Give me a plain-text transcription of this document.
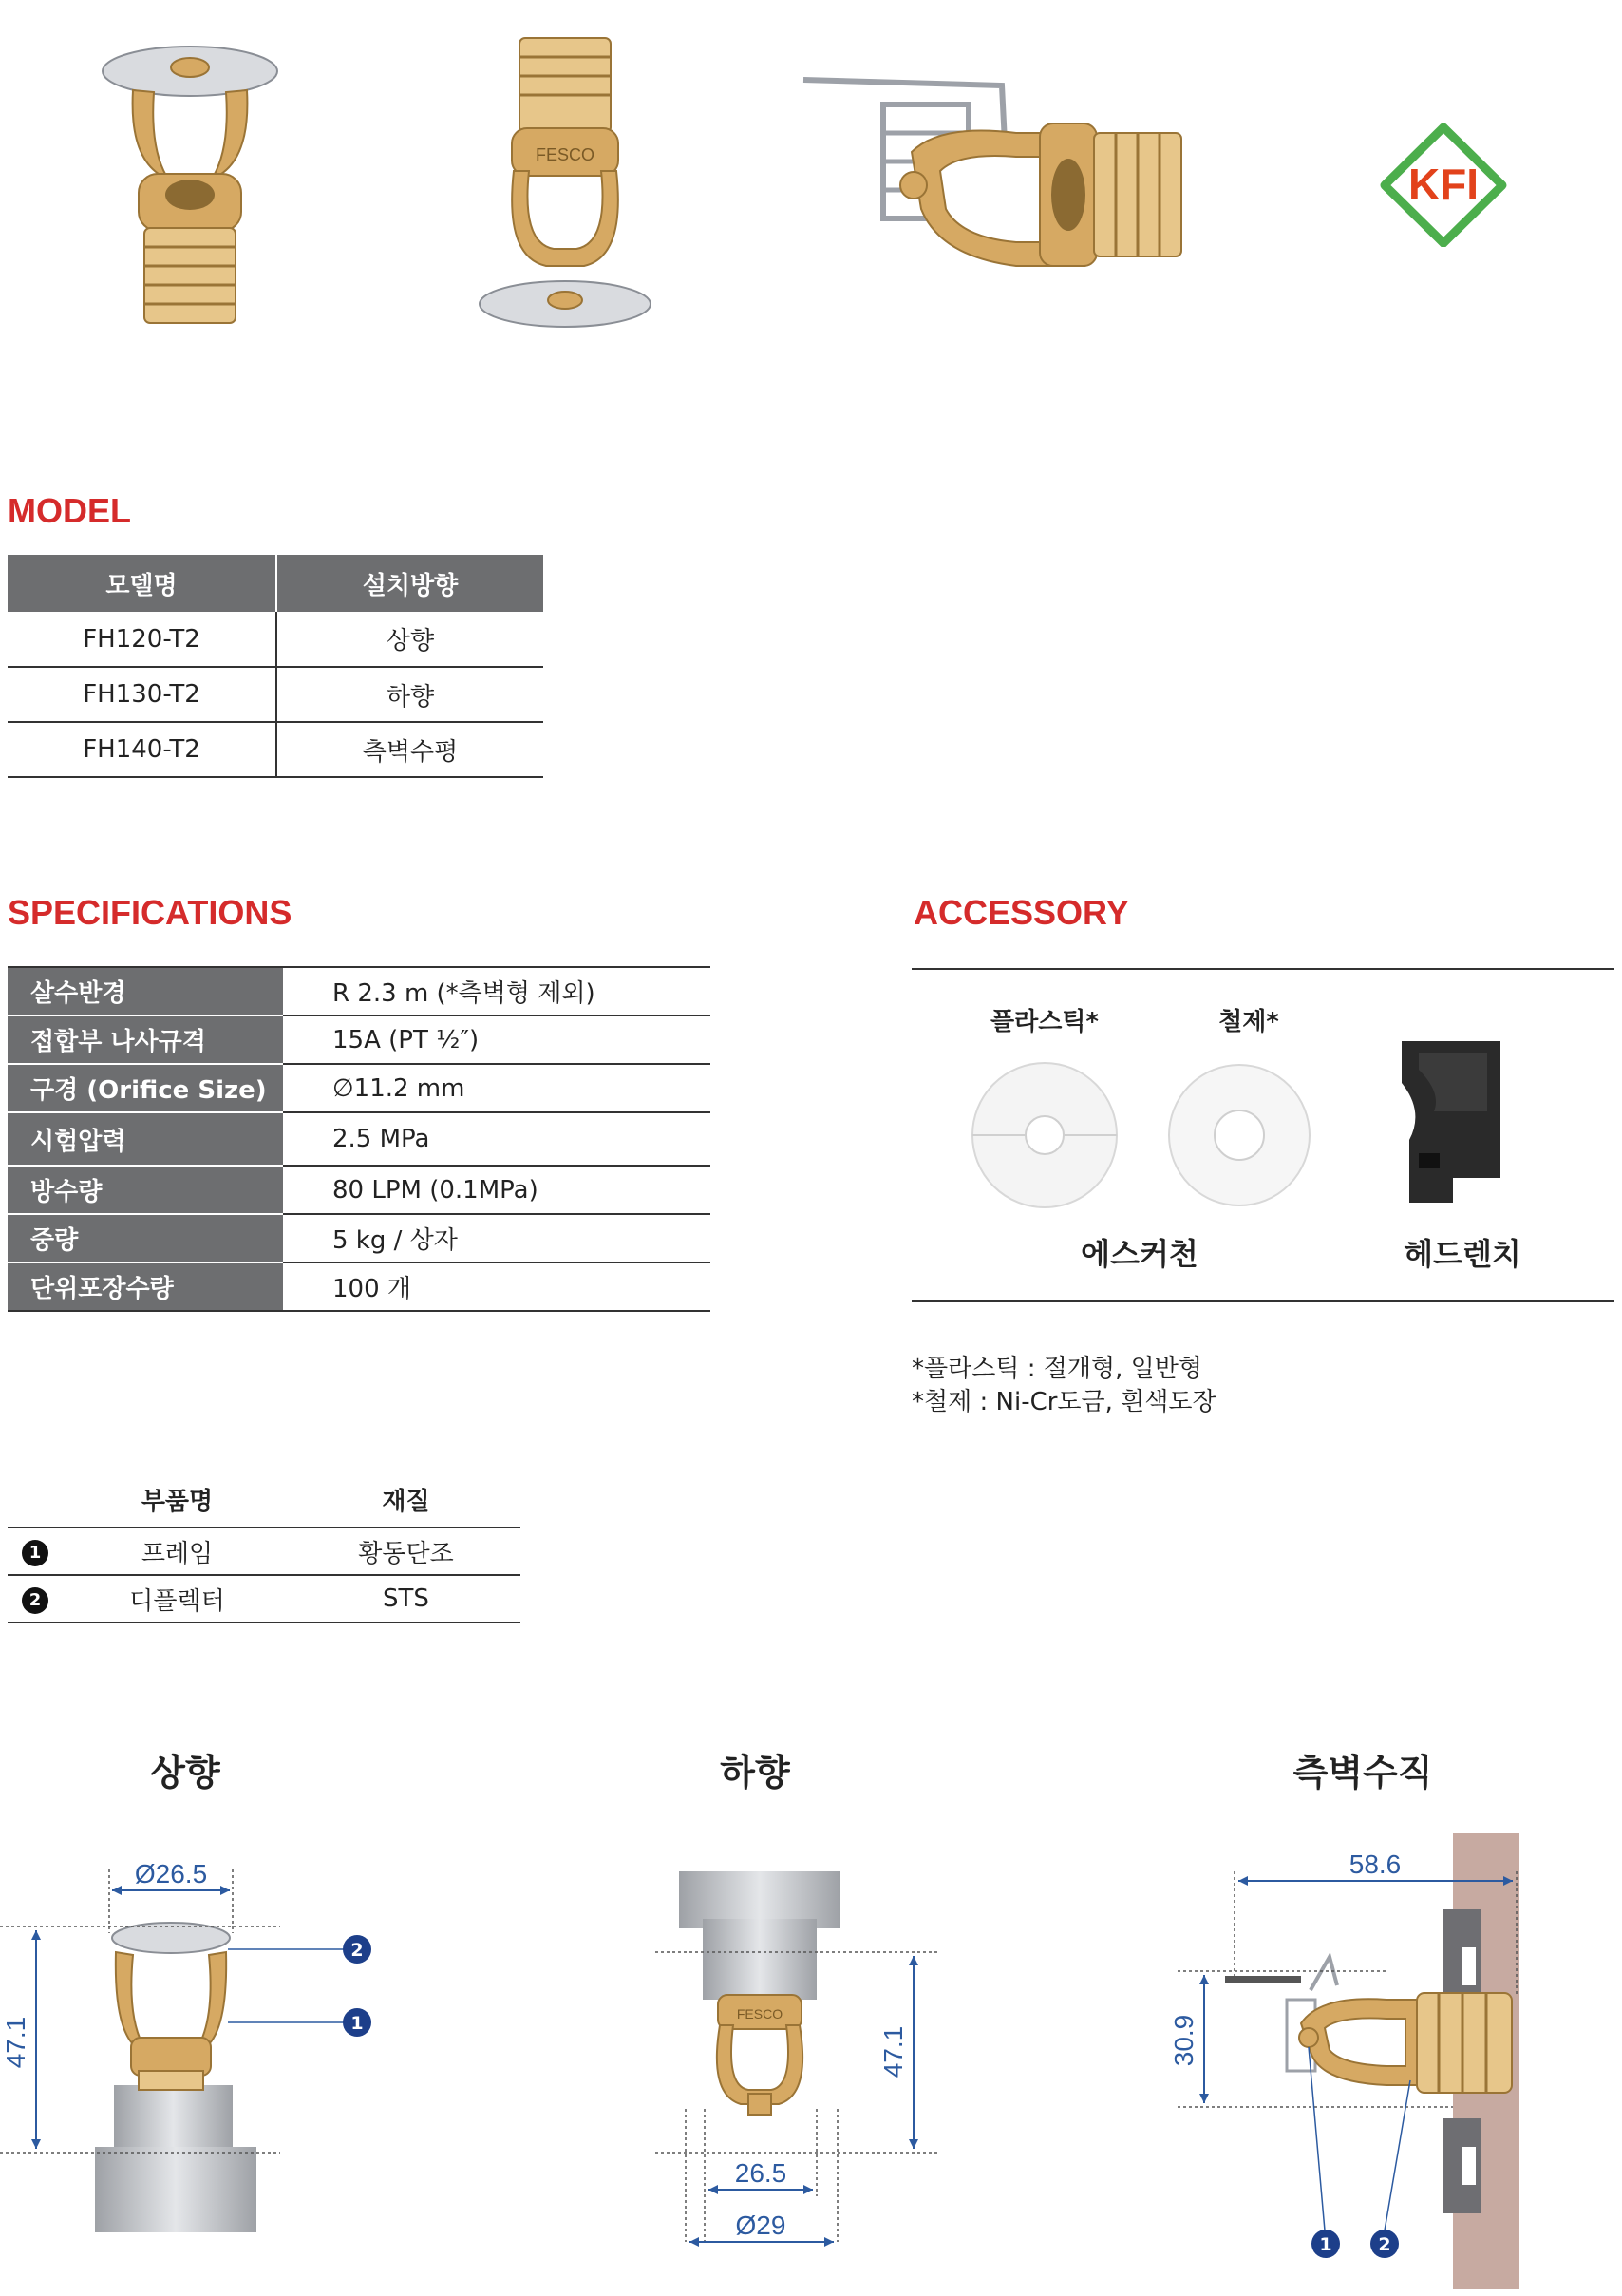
FESCO
KFI
MODEL
모델명	설치방향
FH120-T2	상향
FH130-T2	하향
FH140-T2	측벽수평
SPECIFICATIONS
살수반경	R 2.3 m (*측벽형 제외)
접합부 나사규격	15A (PT ½″)
구경 (Orifice Size)	∅11.2 mm
시험압력	2.5 MPa
방수량	80 LPM (0.1MPa)
중량	5 kg / 상자
단위포장수량	100 개
ACCESSORY
플라스틱*	철제*
에스커천	헤드렌치
*플라스틱 : 절개형, 일반형
*철제 : Ni-Cr도금, 흰색도장
	부품명	재질
1	프레임	황동단조
2	디플렉터	STS
상향	하향	측벽수직
Ø26.5
47.1
2
1	FESCO
47.1
26.5
Ø29
58.6
30.9
1	2
